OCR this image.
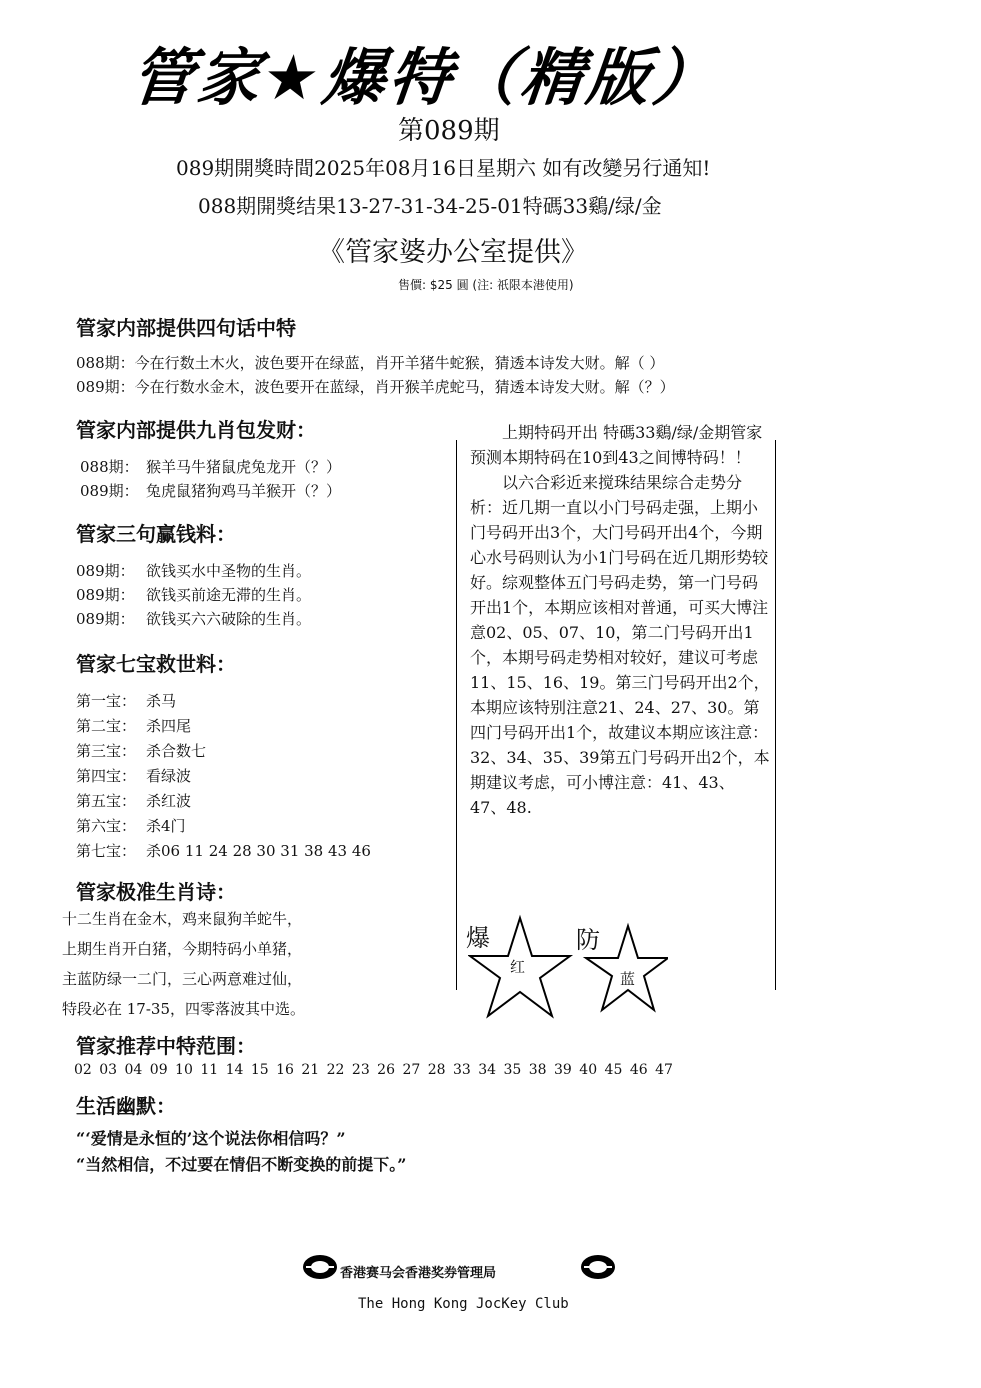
管家★爆特（精版）
第089期
089期開獎時間2025年08月16日星期六 如有改變另行通知!
088期開獎结果13-27-31-34-25-01特碼33鷄/绿/金
《管家婆办公室提供》
售價: $25 圓 (注: 祇限本港使用)
管家内部提供四句话中特
088期：今在行数土木火，波色要开在绿蓝，肖开羊猪牛蛇猴，猜透本诗发大财。解（ ）
089期：今在行数水金木，波色要开在蓝绿，肖开猴羊虎蛇马，猜透本诗发大财。解（？）
管家内部提供九肖包发财：
088期： 猴羊马牛猪鼠虎兔龙开（？）
089期： 兔虎鼠猪狗鸡马羊猴开（？）
管家三句赢钱料：
089期： 欲钱买水中圣物的生肖。
089期： 欲钱买前途无滞的生肖。
089期： 欲钱买六六破除的生肖。
管家七宝救世料：
第一宝： 杀马
第二宝： 杀四尾
第三宝： 杀合数七
第四宝： 看绿波
第五宝： 杀红波
第六宝： 杀4门
第七宝： 杀06 11 24 28 30 31 38 43 46
管家极准生肖诗：
十二生肖在金木，鸡来鼠狗羊蛇牛，
上期生肖开白猪，今期特码小单猪，
主蓝防绿一二门，三心两意难过仙，
特段必在 17-35，四零落波其中选。

上期特码开出 特碼33鷄/绿/金期管家预测本期特码在10到43之间博特码！！

以六合彩近来搅珠结果综合走势分析：近几期一直以小门号码走强，上期小门号码开出3个，大门号码开出4个，今期心水号码则认为小1门号码在近几期形势较好。综观整体五门号码走势，第一门号码开出1个，本期应该相对普通，可买大博注意02、05、07、10，第二门号码开出1个，本期号码走势相对较好，建议可考虑11、15、16、19。第三门号码开出2个，本期应该特别注意21、24、27、30。第四门号码开出1个，故建议本期应该注意：32、34、35、39第五门号码开出2个，本期建议考虑，可小博注意：41、43、47、48.

爆	防
红
蓝
管家推荐中特范围：
02 03 04 09 10 11 14 15 16 21 22 23 26 27 28 33 34 35 38 39 40 45 46 47
生活幽默：
“‘爱情是永恒的’这个说法你相信吗？”
“当然相信，不过要在情侣不断变换的前提下。”
香港赛马会香港奖券管理局
The Hong Kong JocKey Club
